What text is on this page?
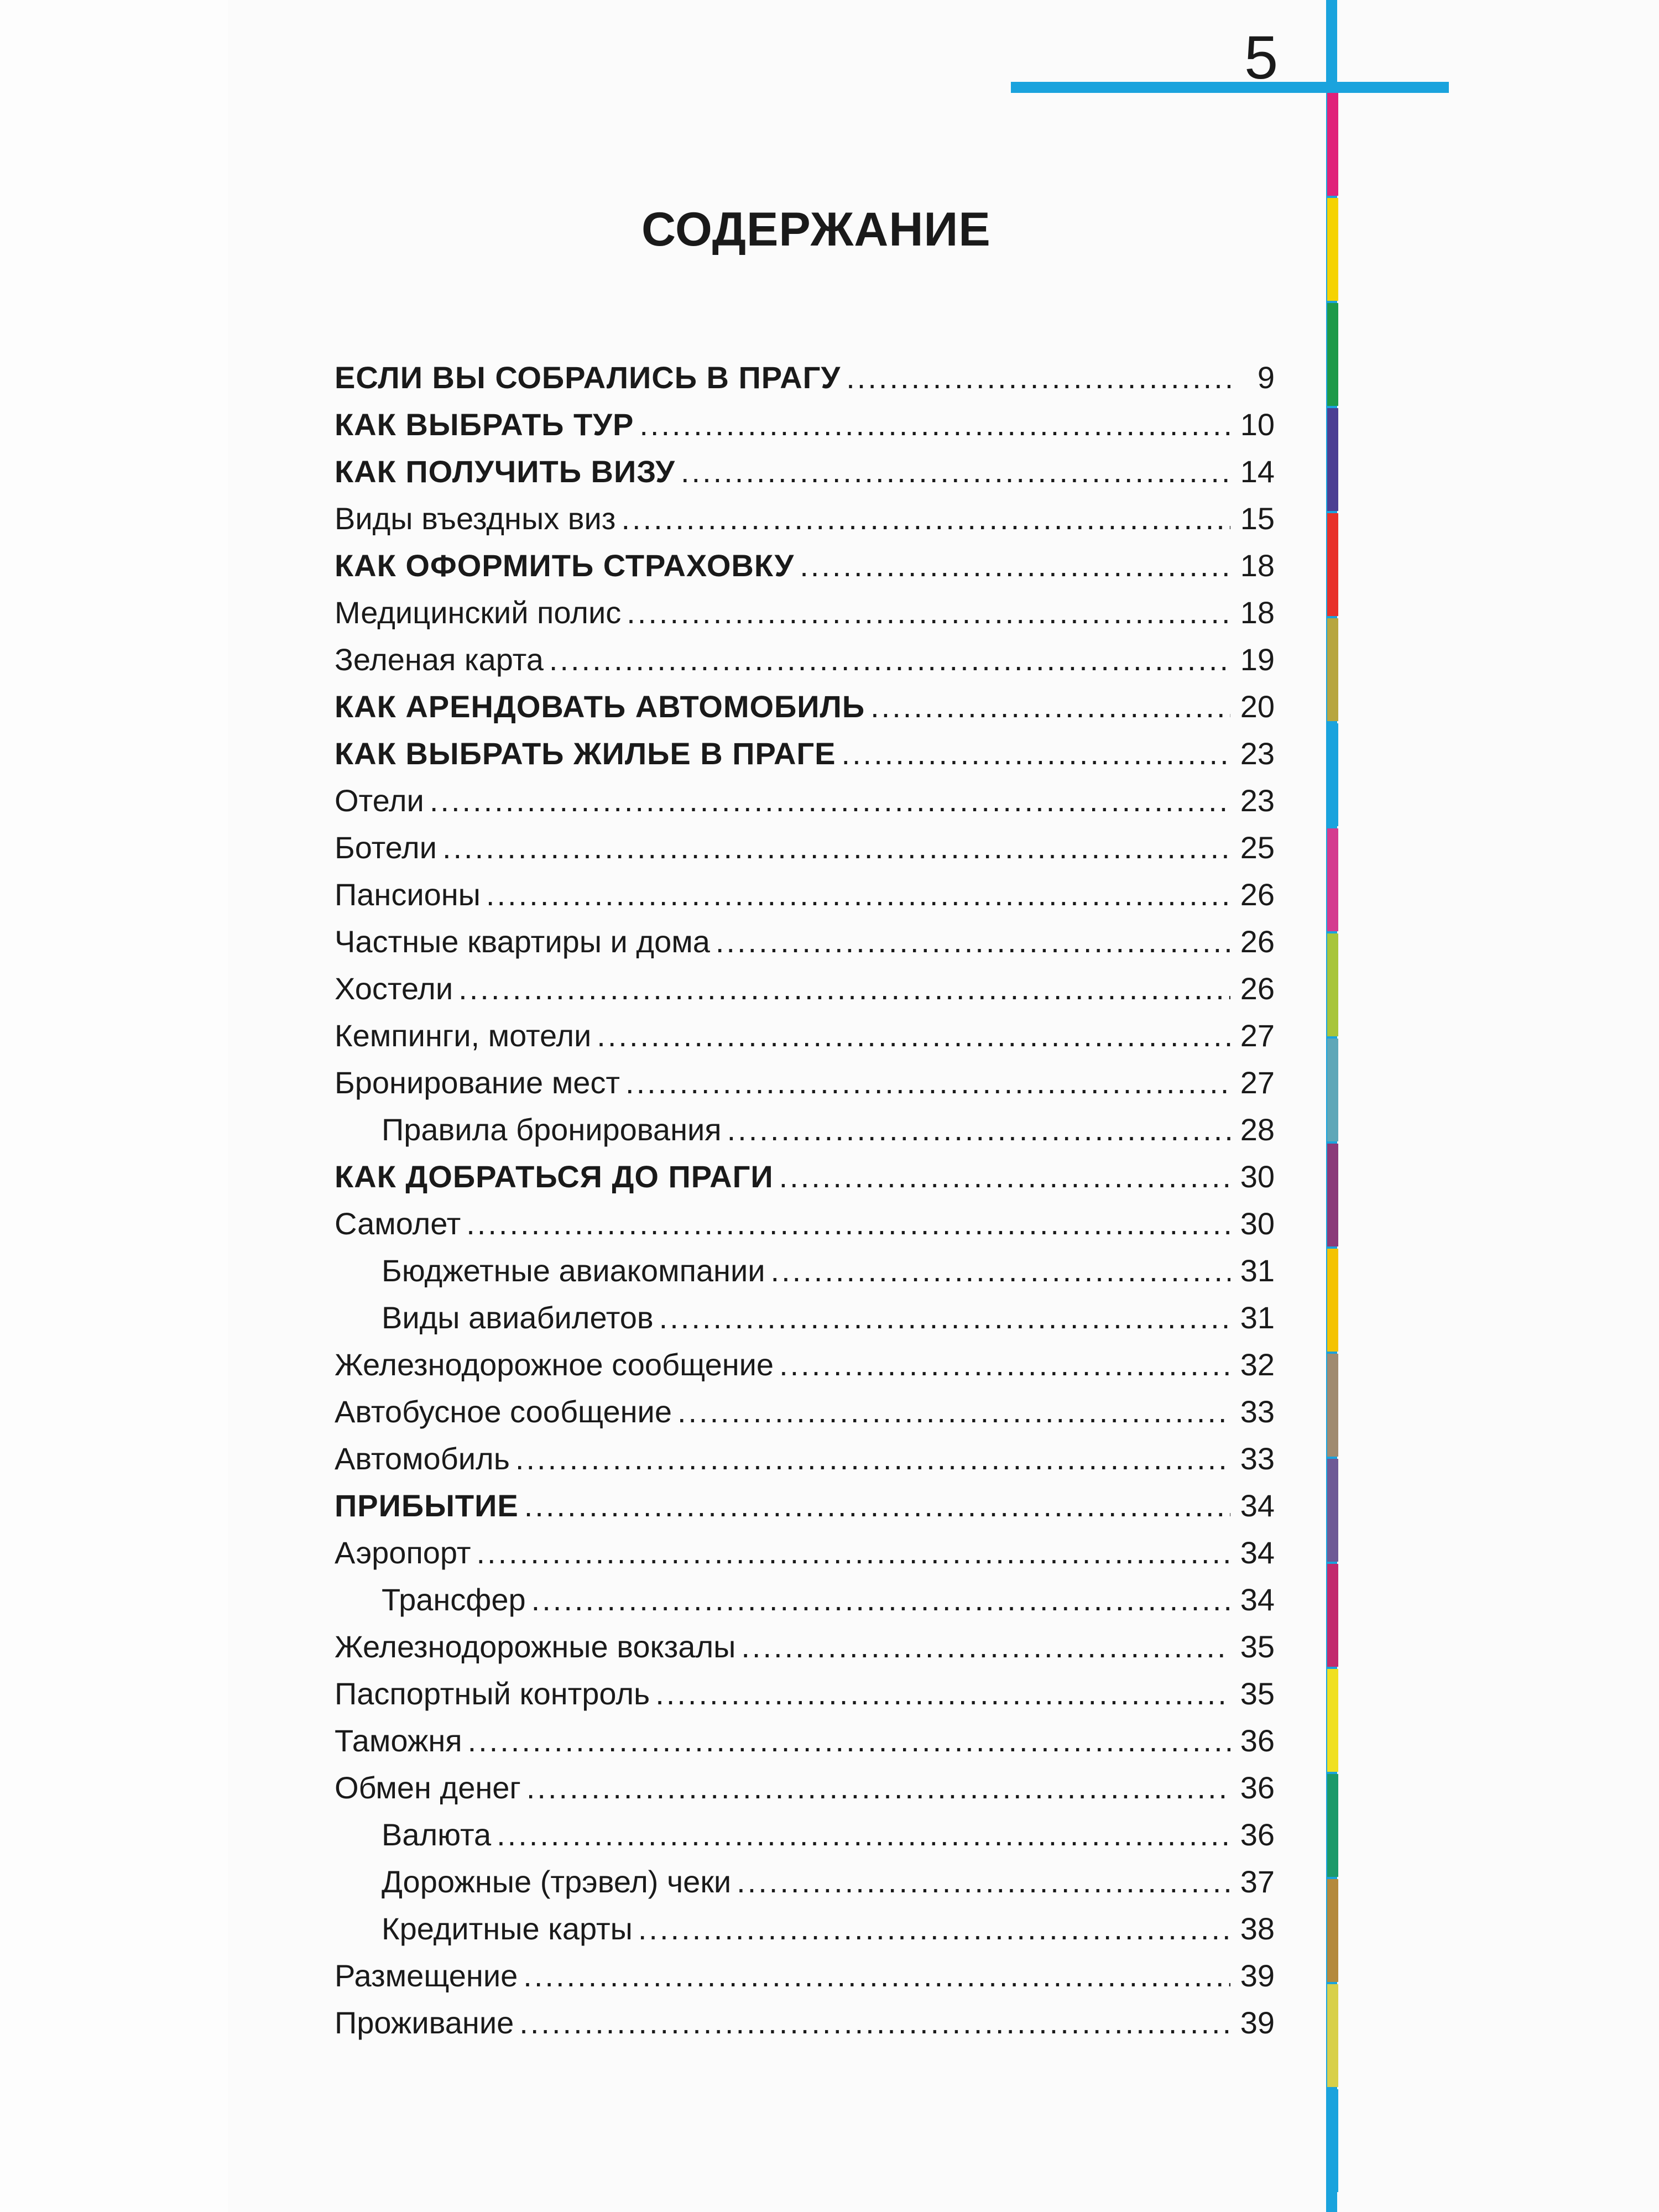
5
СОДЕРЖАНИЕ
ЕСЛИ ВЫ СОБРАЛИСЬ В ПРАГУ .....	9
КАК ВЫБРАТЬ ТУР .....	10
КАК ПОЛУЧИТЬ ВИЗУ .....	14
Виды въездных виз .....	15
КАК ОФОРМИТЬ СТРАХОВКУ .....	18
Медицинский полис .....	18
Зеленая карта .....	19
КАК АРЕНДОВАТЬ АВТОМОБИЛЬ .....	20
КАК ВЫБРАТЬ ЖИЛЬЕ В ПРАГЕ .....	23
Отели .....	23
Ботели .....	25
Пансионы .....	26
Частные квартиры и дома .....	26
Хостели .....	26
Кемпинги, мотели .....	27
Бронирование мест .....	27
Правила бронирования .....	28
КАК ДОБРАТЬСЯ ДО ПРАГИ .....	30
Самолет .....	30
Бюджетные авиакомпании .....	31
Виды авиабилетов .....	31
Железнодорожное сообщение .....	32
Автобусное сообщение .....	33
Автомобиль .....	33
ПРИБЫТИЕ .....	34
Аэропорт .....	34
Трансфер .....	34
Железнодорожные вокзалы .....	35
Паспортный контроль .....	35
Таможня .....	36
Обмен денег .....	36
Валюта .....	36
Дорожные (трэвел) чеки .....	37
Кредитные карты .....	38
Размещение .....	39
Проживание .....	39
